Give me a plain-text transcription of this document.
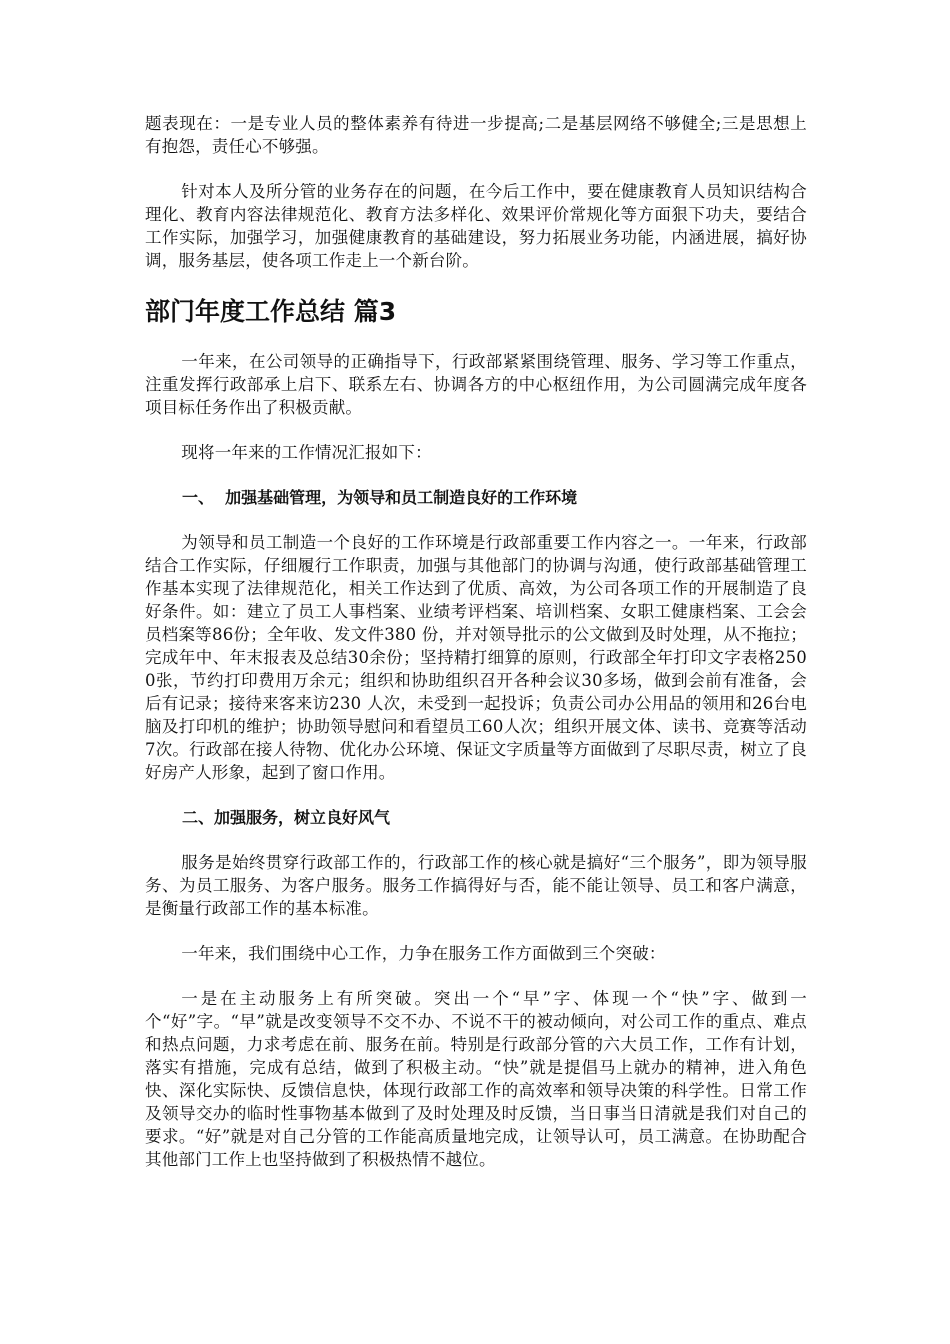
题表现在：一是专业人员的整体素养有待进一步提高;二是基层网络不够健全;三是思想上有抱怨，责任心不够强。

针对本人及所分管的业务存在的问题，在今后工作中，要在健康教育人员知识结构合理化、教育内容法律规范化、教育方法多样化、效果评价常规化等方面狠下功夫，要结合工作实际，加强学习，加强健康教育的基础建设，努力拓展业务功能，内涵进展，搞好协调，服务基层，使各项工作走上一个新台阶。

部门年度工作总结 篇3

一年来，在公司领导的正确指导下，行政部紧紧围绕管理、服务、学习等工作重点，注重发挥行政部承上启下、联系左右、协调各方的中心枢纽作用，为公司圆满完成年度各项目标任务作出了积极贡献。

现将一年来的工作情况汇报如下：

一、  加强基础管理，为领导和员工制造良好的工作环境

为领导和员工制造一个良好的工作环境是行政部重要工作内容之一。一年来，行政部结合工作实际，仔细履行工作职责，加强与其他部门的协调与沟通，使行政部基础管理工作基本实现了法律规范化，相关工作达到了优质、高效，为公司各项工作的开展制造了良好条件。如：建立了员工人事档案、业绩考评档案、培训档案、女职工健康档案、工会会员档案等86份；全年收、发文件380 份，并对领导批示的公文做到及时处理，从不拖拉；完成年中、年末报表及总结30余份；坚持精打细算的原则，行政部全年打印文字表格2500张，节约打印费用万余元；组织和协助组织召开各种会议30多场，做到会前有准备，会后有记录；接待来客来访230 人次，未受到一起投诉；负责公司办公用品的领用和26台电脑及打印机的维护；协助领导慰问和看望员工60人次；组织开展文体、读书、竞赛等活动7次。行政部在接人待物、优化办公环境、保证文字质量等方面做到了尽职尽责，树立了良好房产人形象，起到了窗口作用。

二、加强服务，树立良好风气

服务是始终贯穿行政部工作的，行政部工作的核心就是搞好“三个服务”，即为领导服务、为员工服务、为客户服务。服务工作搞得好与否，能不能让领导、员工和客户满意，是衡量行政部工作的基本标准。

一年来，我们围绕中心工作，力争在服务工作方面做到三个突破：

一是在主动服务上有所突破。突出一个“早”字、体现一个“快”字、做到一个“好”字。“早”就是改变领导不交不办、不说不干的被动倾向，对公司工作的重点、难点和热点问题，力求考虑在前、服务在前。特别是行政部分管的六大员工作，工作有计划，落实有措施，完成有总结，做到了积极主动。“快”就是提倡马上就办的精神，进入角色快、深化实际快、反馈信息快，体现行政部工作的高效率和领导决策的科学性。日常工作及领导交办的临时性事物基本做到了及时处理及时反馈，当日事当日清就是我们对自己的要求。“好”就是对自己分管的工作能高质量地完成，让领导认可，员工满意。在协助配合其他部门工作上也坚持做到了积极热情不越位。
